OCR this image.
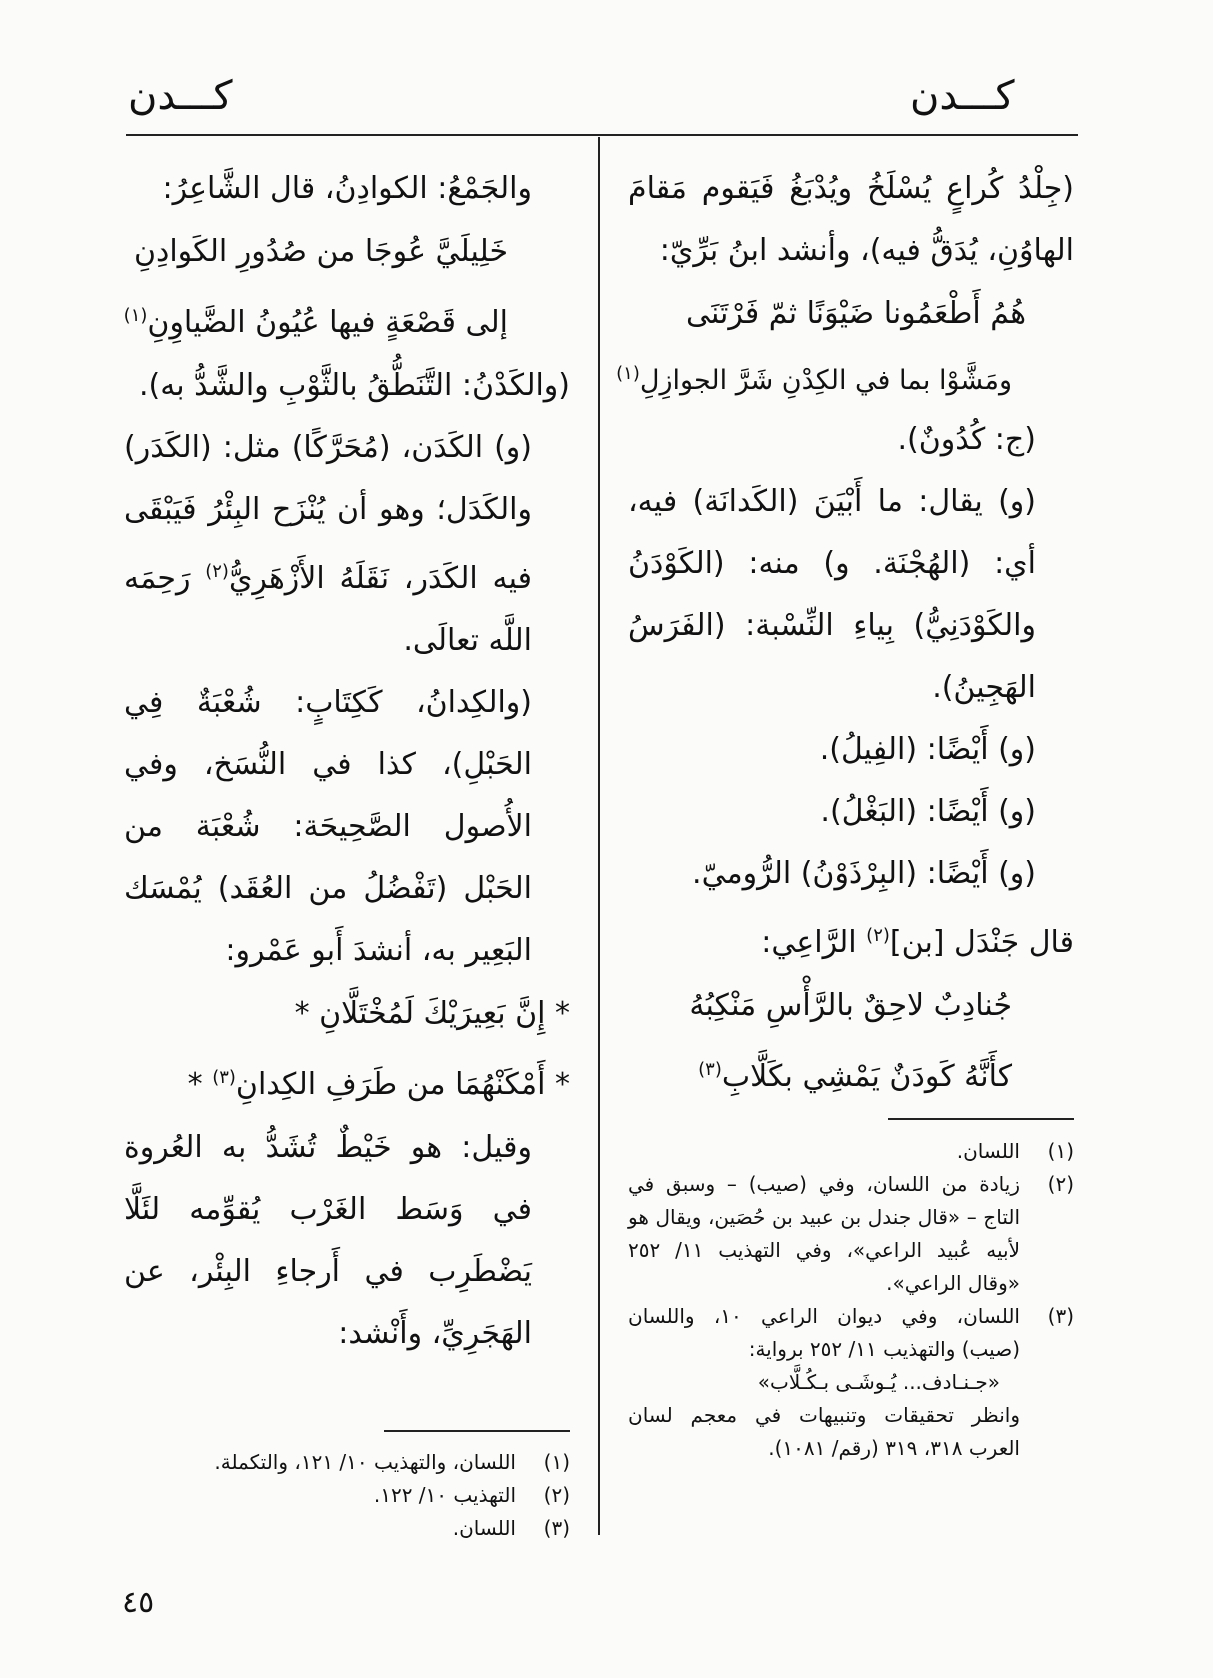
كـــدن	كـــدن

(جِلْدُ كُراعٍ يُسْلَخُ ويُدْبَغُ فَيَقوم مَقامَ الهاوُنِ، يُدَقُّ فيه)، وأنشد ابنُ بَرِّيّ:

هُمُ أَطْعَمُونا ضَيْوَنًا ثمّ فَرْتَنَى

ومَشَّوْا بما في الكِدْنِ شَرَّ الجوازِلِ$^{(١)}$

(ج: كُدُونٌ).

(و) يقال: ما أَبْيَنَ (الكَدانَة) فيه، أي: (الهُجْنَة. و) منه: (الكَوْدَنُ والكَوْدَنِيُّ) بِياءِ النِّسْبة: (الفَرَسُ الهَجِينُ).

(و) أَيْضًا: (الفِيلُ).

(و) أَيْضًا: (البَغْلُ).

(و) أَيْضًا: (البِرْذَوْنُ) الرُّوميّ.

قال جَنْدَل [بن]$^{(٢)}$ الرَّاعِي:

جُنادِبٌ لاحِقٌ بالرَّأْسِ مَنْكِبُهُ

كأَنَّهُ كَودَنٌ يَمْشِي بكَلَّابِ$^{(٣)}$

(١)
اللسان.
(٢)
زيادة من اللسان، وفي (صيب) – وسبق في التاج – «قال جندل بن عبيد بن حُصَين، ويقال هو لأبيه عُبيد الراعي»، وفي التهذيب ١١/ ٢٥٢ «وقال الراعي».
(٣)
اللسان، وفي ديوان الراعي ١٠، واللسان (صيب) والتهذيب ١١/ ٢٥٢ برواية:
«جـنـادف... يُـوشَـى بـكُـلَّاب»
وانظر تحقيقات وتنبيهات في معجم لسان العرب ٣١٨، ٣١٩ (رقم/ ١٠٨١).

والجَمْعُ: الكوادِنُ، قال الشَّاعِرُ:

خَلِيلَيَّ عُوجَا من صُدُورِ الكَوادِنِ

إلى قَصْعَةٍ فيها عُيُونُ الضَّياوِنِ$^{(١)}$

(والكَدْنُ: التَّنَطُّقُ بالثَّوْبِ والشَّدُّ به).

(و) الكَدَن، (مُحَرَّكًا) مثل: (الكَدَر) والكَدَل؛ وهو أن يُنْزَح البِئْرُ فَيَبْقَى فيه الكَدَر، نَقَلَهُ الأَزْهَرِيُّ$^{(٢)}$ رَحِمَه اللَّه تعالَى.

(والكِدانُ، كَكِتَابٍ: شُعْبَةٌ فِي الحَبْلِ)، كذا في النُّسَخ، وفي الأُصول الصَّحِيحَة: شُعْبَة من الحَبْل (تَفْضُلُ من العُقَد) يُمْسَك البَعِير به، أنشدَ أَبو عَمْرو:

* إِنَّ بَعِيرَيْكَ لَمُخْتَلَّانِ *

* أَمْكَنْهُمَا من طَرَفِ الكِدانِ$^{(٣)}$ *

وقيل: هو خَيْطٌ تُشَدُّ به العُروة في وَسَط الغَرْب يُقوِّمه لئَلَّا يَضْطَرِب في أَرجاءِ البِئْر، عن الهَجَرِيِّ، وأَنْشد:

(١)
اللسان، والتهذيب ١٠/ ١٢١، والتكملة.
(٢)
التهذيب ١٠/ ١٢٢.
(٣)
اللسان.
٤٥
